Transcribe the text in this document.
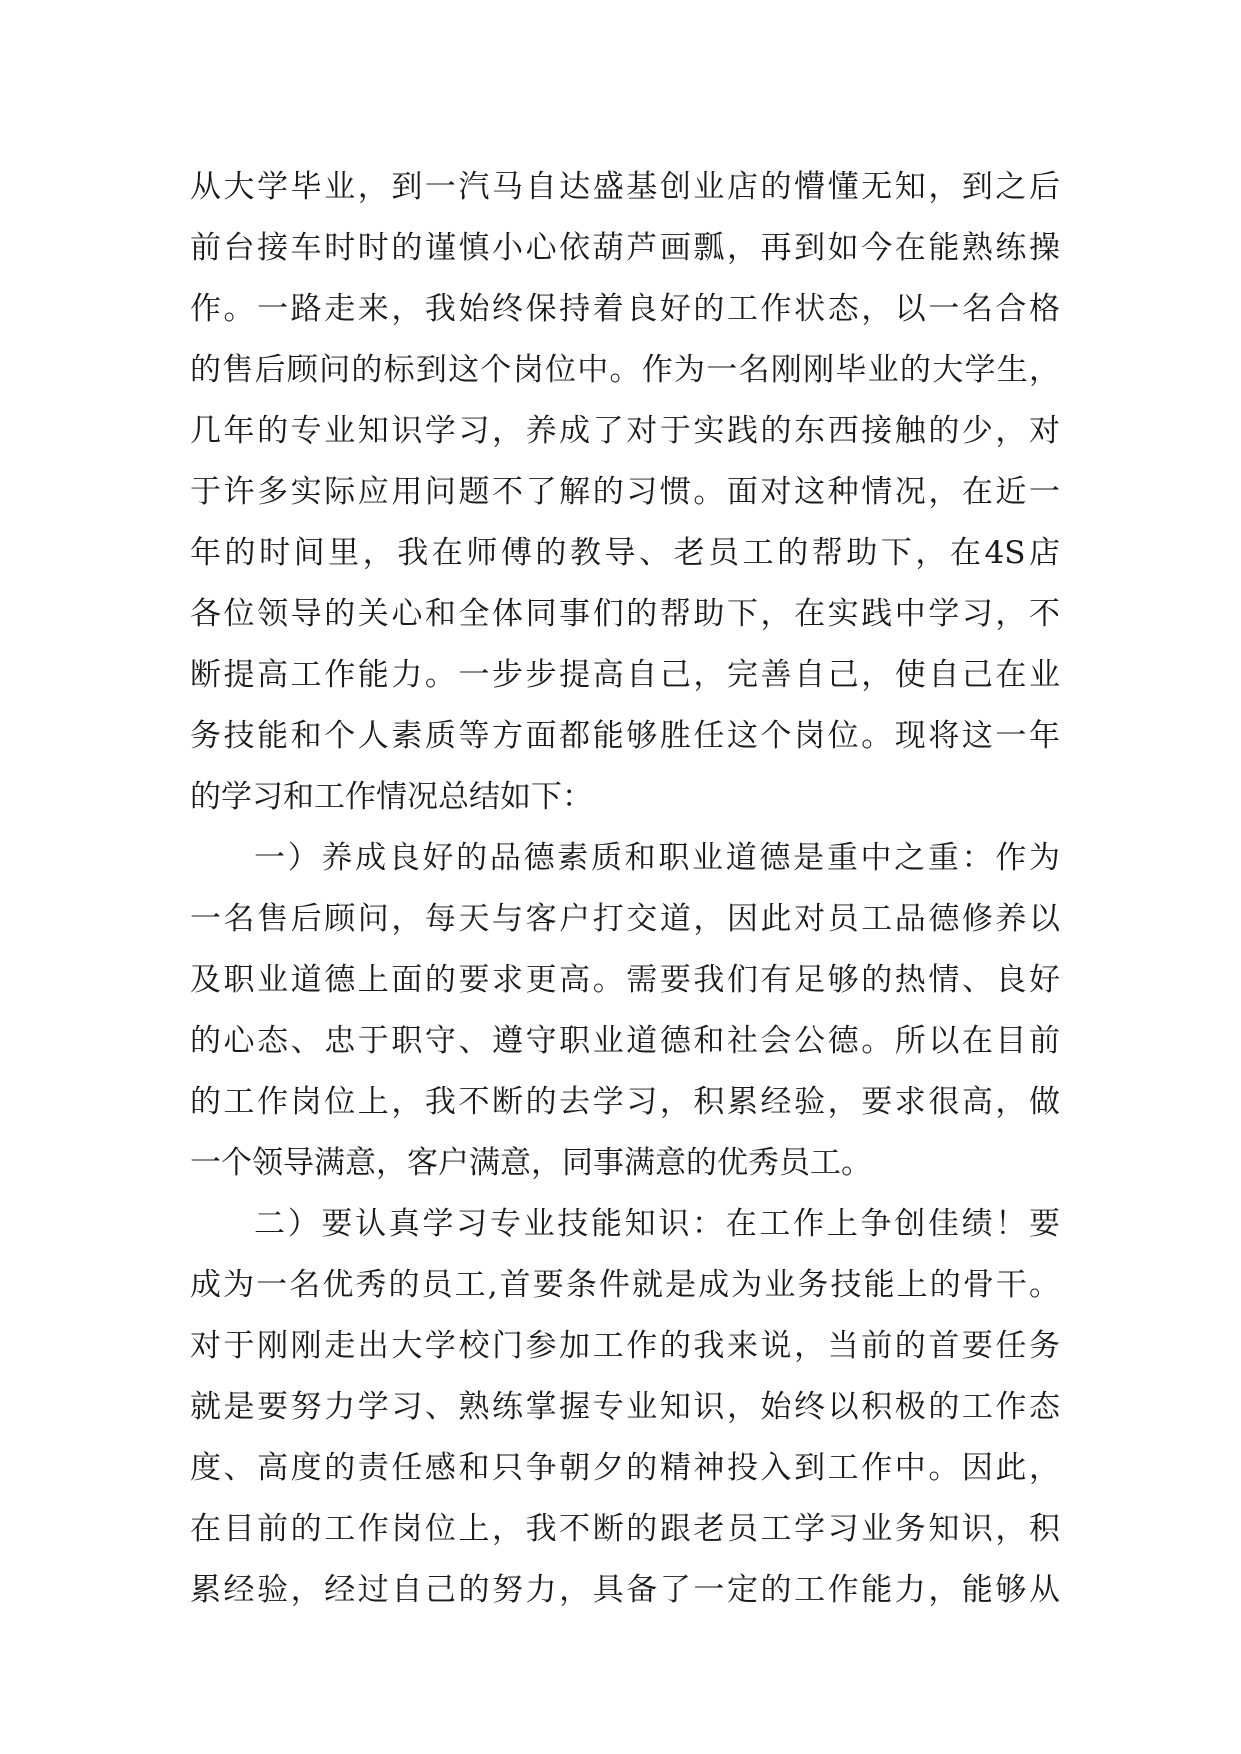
从大学毕业，到一汽马自达盛基创业店的懵懂无知，到之后
前台接车时时的谨慎小心依葫芦画瓢，再到如今在能熟练操
作。一路走来，我始终保持着良好的工作状态，以一名合格
的售后顾问的标到这个岗位中。作为一名刚刚毕业的大学生，
几年的专业知识学习，养成了对于实践的东西接触的少，对
于许多实际应用问题不了解的习惯。面对这种情况，在近一
年的时间里，我在师傅的教导、老员工的帮助下，在4S店
各位领导的关心和全体同事们的帮助下，在实践中学习，不
断提高工作能力。一步步提高自己，完善自己，使自己在业
务技能和个人素质等方面都能够胜任这个岗位。现将这一年
的学习和工作情况总结如下：
一）养成良好的品德素质和职业道德是重中之重：作为
一名售后顾问，每天与客户打交道，因此对员工品德修养以
及职业道德上面的要求更高。需要我们有足够的热情、良好
的心态、忠于职守、遵守职业道德和社会公德。所以在目前
的工作岗位上，我不断的去学习，积累经验，要求很高，做
一个领导满意，客户满意，同事满意的优秀员工。
二）要认真学习专业技能知识：在工作上争创佳绩！要
成为一名优秀的员工,首要条件就是成为业务技能上的骨干。
对于刚刚走出大学校门参加工作的我来说，当前的首要任务
就是要努力学习、熟练掌握专业知识，始终以积极的工作态
度、高度的责任感和只争朝夕的精神投入到工作中。因此，
在目前的工作岗位上，我不断的跟老员工学习业务知识，积
累经验，经过自己的努力，具备了一定的工作能力，能够从
